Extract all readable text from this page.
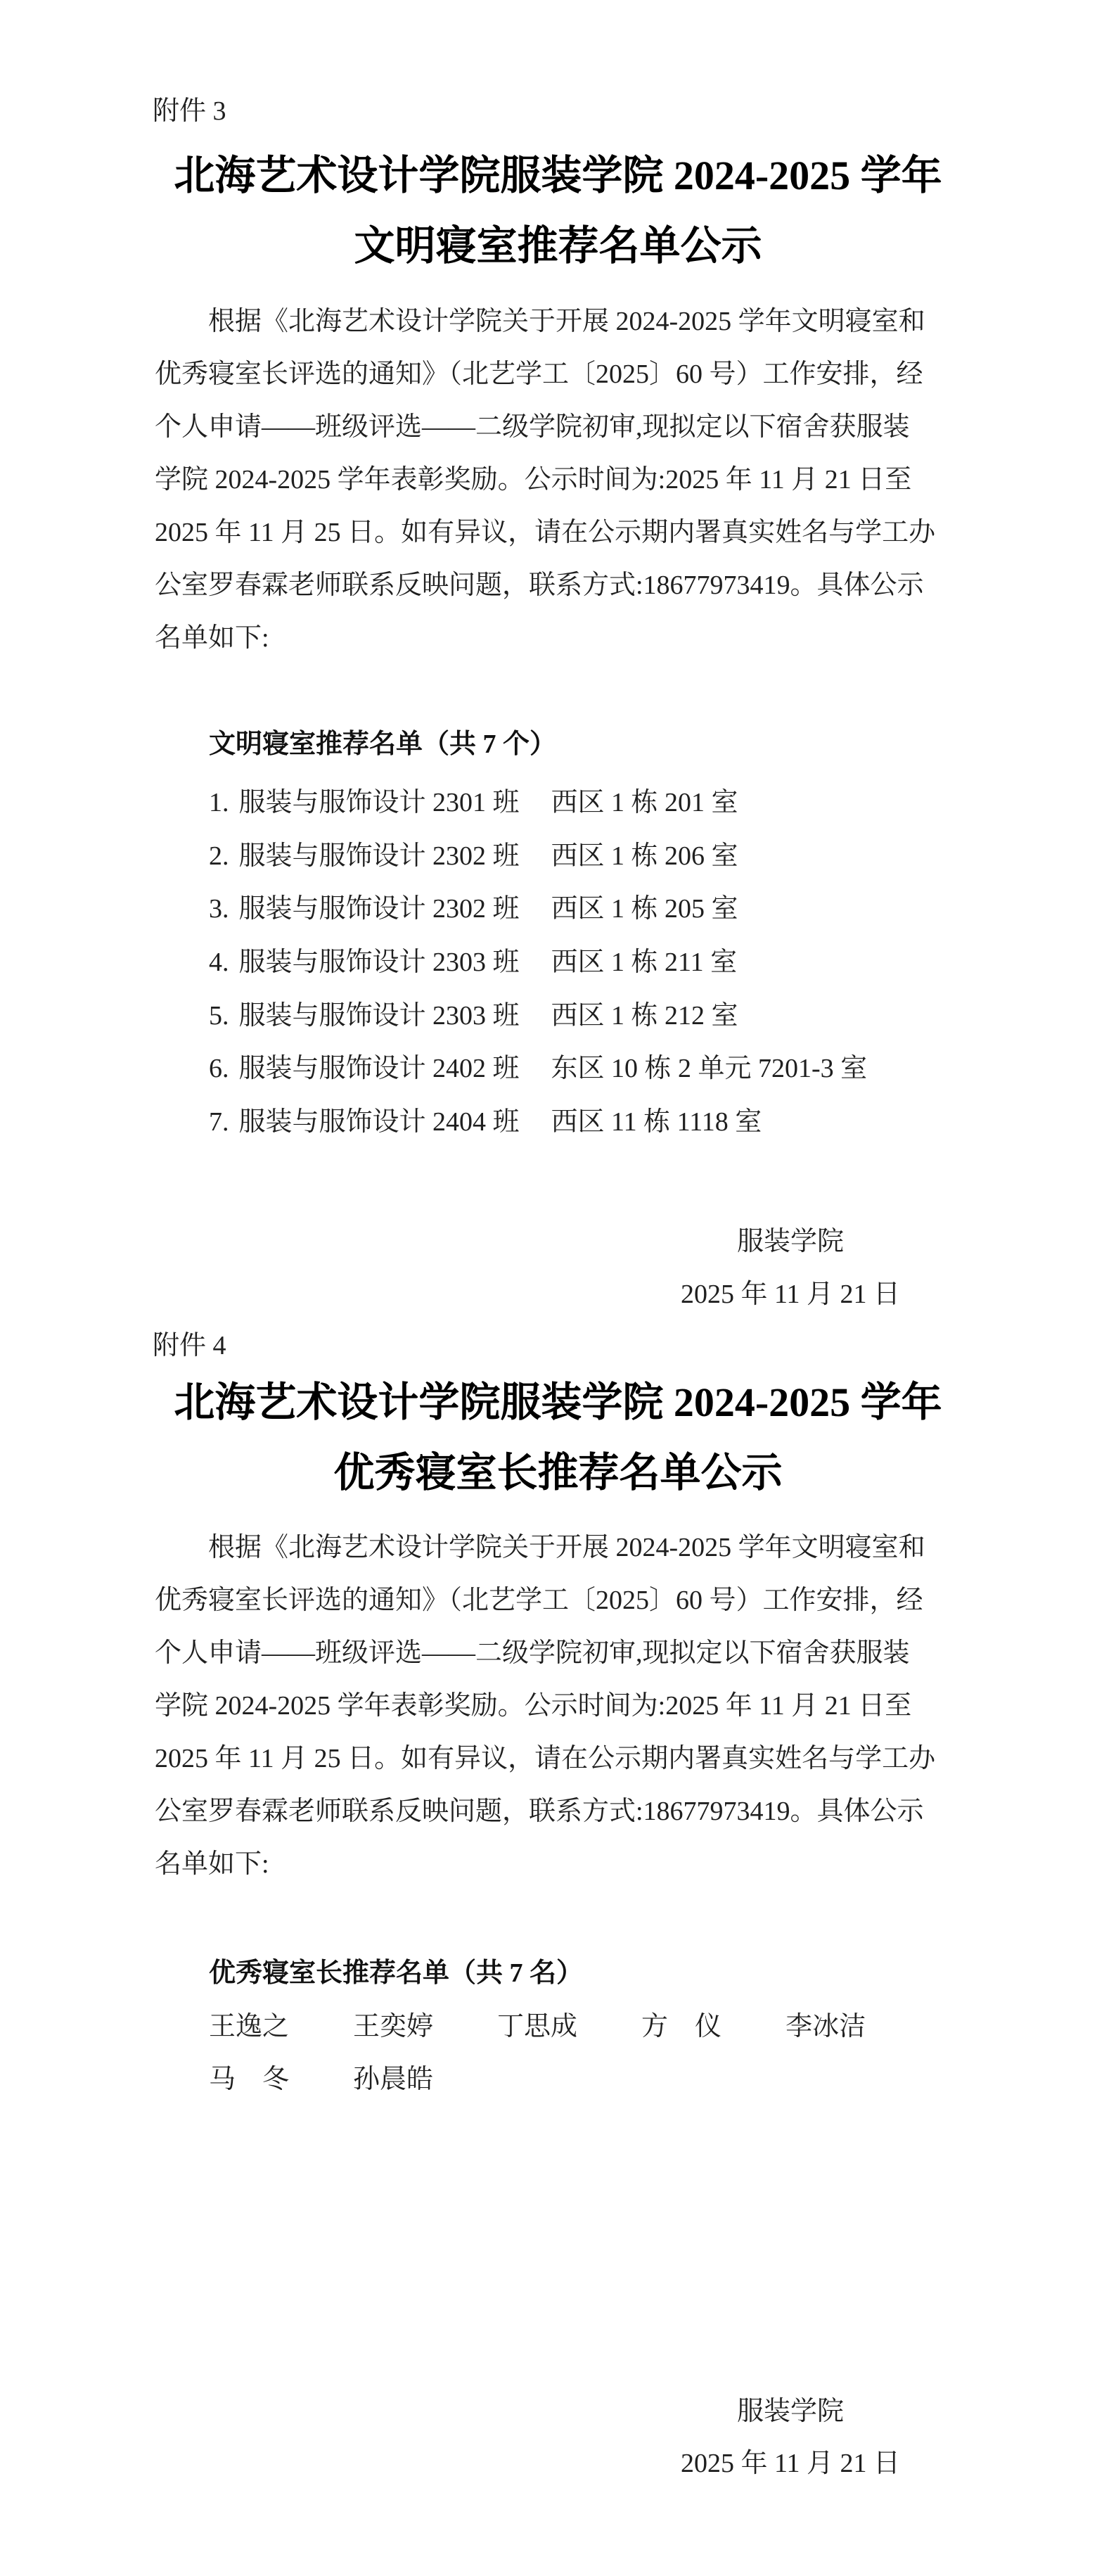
附件 3
北海艺术设计学院服装学院 2024-2025 学年
文明寝室推荐名单公示
根据《北海艺术设计学院关于开展 2024-2025 学年文明寝室和
优秀寝室长评选的通知》（北艺学工〔2025〕60 号）工作安排，经
个人申请——班级评选——二级学院初审,现拟定以下宿舍获服装
学院 2024-2025 学年表彰奖励。公示时间为:2025 年 11 月 21 日至
2025 年 11 月 25 日。如有异议，请在公示期内署真实姓名与学工办
公室罗春霖老师联系反映问题，联系方式:18677973419。具体公示
名单如下:
文明寝室推荐名单（共 7 个）
1. 服装与服饰设计 2301 班 西区 1 栋 201 室
2. 服装与服饰设计 2302 班 西区 1 栋 206 室
3. 服装与服饰设计 2302 班 西区 1 栋 205 室
4. 服装与服饰设计 2303 班 西区 1 栋 211 室
5. 服装与服饰设计 2303 班 西区 1 栋 212 室
6. 服装与服饰设计 2402 班 东区 10 栋 2 单元 7201-3 室
7. 服装与服饰设计 2404 班 西区 11 栋 1118 室
服装学院
2025 年 11 月 21 日
附件 4
北海艺术设计学院服装学院 2024-2025 学年
优秀寝室长推荐名单公示
根据《北海艺术设计学院关于开展 2024-2025 学年文明寝室和
优秀寝室长评选的通知》（北艺学工〔2025〕60 号）工作安排，经
个人申请——班级评选——二级学院初审,现拟定以下宿舍获服装
学院 2024-2025 学年表彰奖励。公示时间为:2025 年 11 月 21 日至
2025 年 11 月 25 日。如有异议，请在公示期内署真实姓名与学工办
公室罗春霖老师联系反映问题，联系方式:18677973419。具体公示
名单如下:
优秀寝室长推荐名单（共 7 名）
王逸之 王奕婷 丁思成 方　仪 李冰洁
马　冬 孙晨皓
服装学院
2025 年 11 月 21 日
